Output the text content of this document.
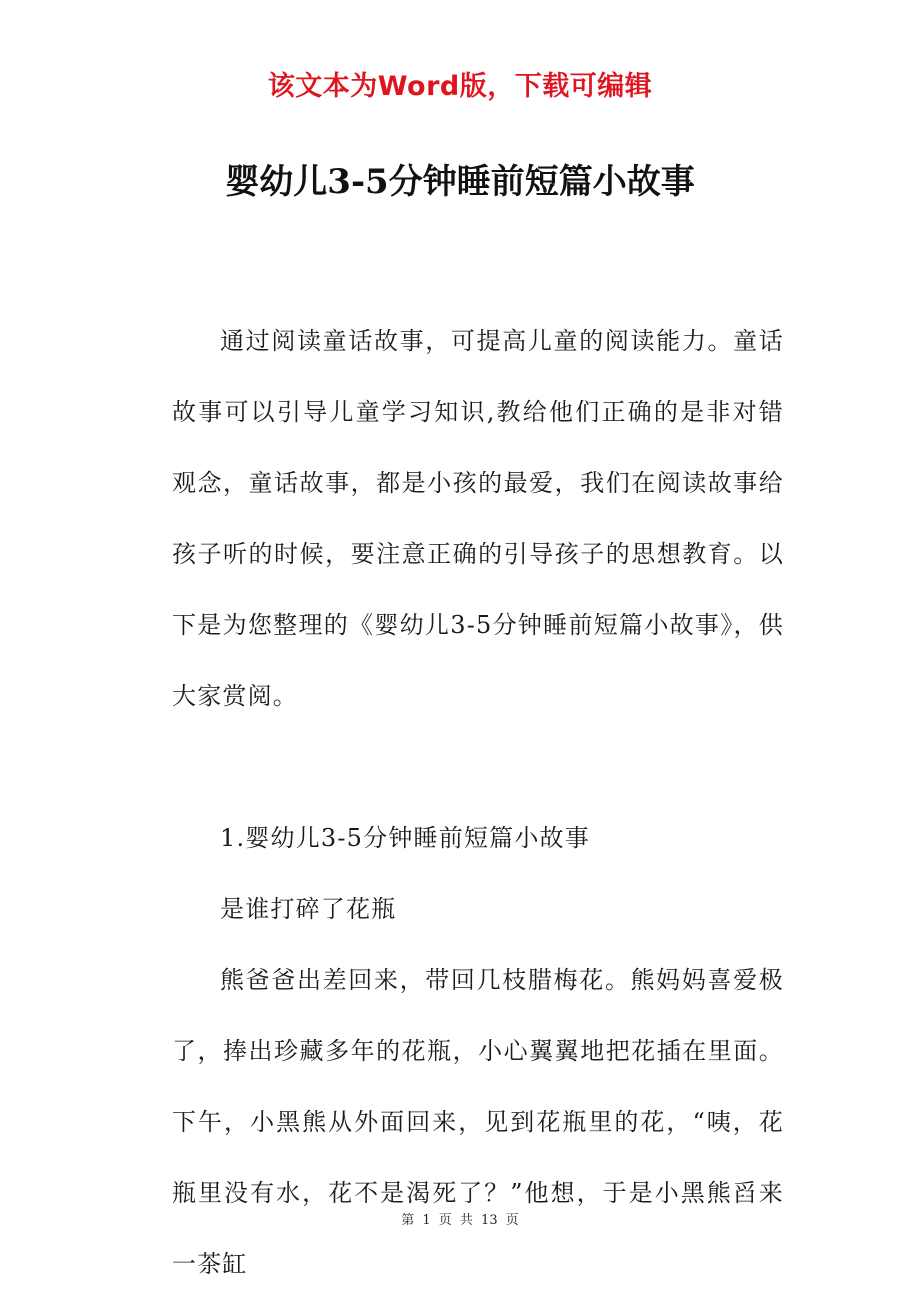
该文本为Word版，下载可编辑
婴幼儿3-5分钟睡前短篇小故事

通过阅读童话故事，可提高儿童的阅读能力。童话故事可以引导儿童学习知识,教给他们正确的是非对错观念，童话故事，都是小孩的最爱，我们在阅读故事给孩子听的时候，要注意正确的引导孩子的思想教育。以下是为您整理的《婴幼儿3-5分钟睡前短篇小故事》，供大家赏阅。

1.婴幼儿3-5分钟睡前短篇小故事

是谁打碎了花瓶

熊爸爸出差回来，带回几枝腊梅花。熊妈妈喜爱极了，捧出珍藏多年的花瓶，小心翼翼地把花插在里面。下午，小黑熊从外面回来，见到花瓶里的花，“咦，花瓶里没有水，花不是渴死了？”他想，于是小黑熊舀来一茶缸

第 1 页 共 13 页
